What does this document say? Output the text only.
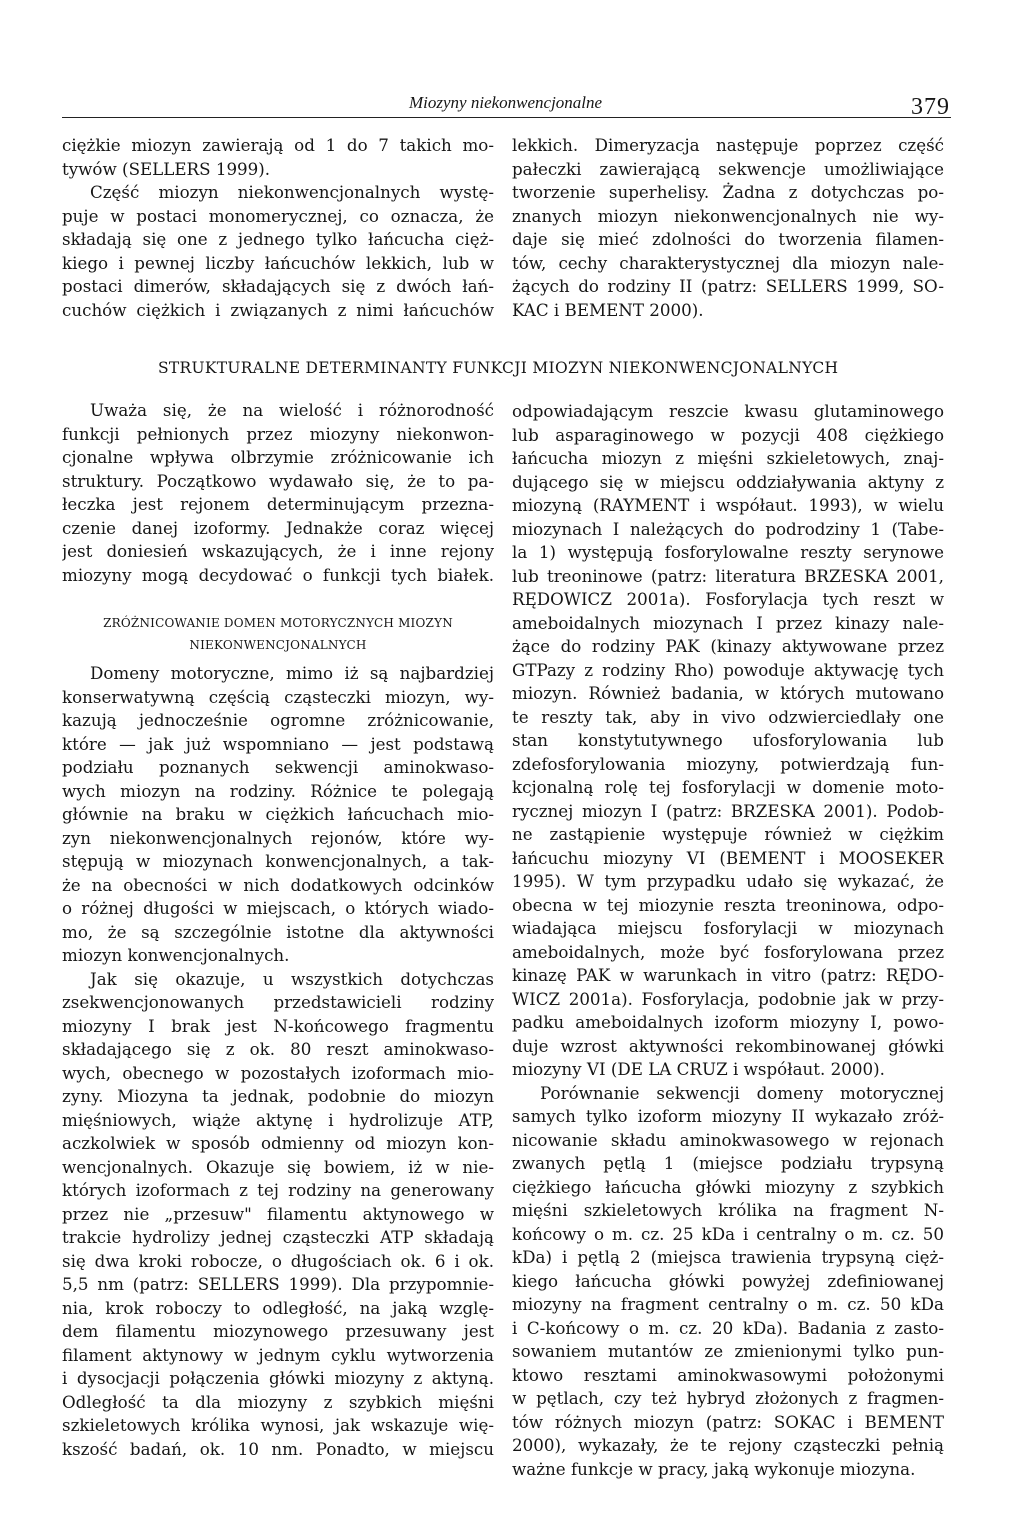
Miozyny niekonwencjonalne	379
ciężkie miozyn zawierają od 1 do 7 takich mo-
tywów (SELLERS 1999).
Część miozyn niekonwencjonalnych wystę-
puje w postaci monomerycznej, co oznacza, że
składają się one z jednego tylko łańcucha cięż-
kiego i pewnej liczby łańcuchów lekkich, lub w
postaci dimerów, składających się z dwóch łań-
cuchów ciężkich i związanych z nimi łańcuchów
lekkich. Dimeryzacja następuje poprzez część
pałeczki zawierającą sekwencje umożliwiające
tworzenie superhelisy. Żadna z dotychczas po-
znanych miozyn niekonwencjonalnych nie wy-
daje się mieć zdolności do tworzenia filamen-
tów, cechy charakterystycznej dla miozyn nale-
żących do rodziny II (patrz: SELLERS 1999, SO-
KAC i BEMENT 2000).
STRUKTURALNE DETERMINANTY FUNKCJI MIOZYN NIEKONWENCJONALNYCH
Uważa się, że na wielość i różnorodność
funkcji pełnionych przez miozyny niekonwon-
cjonalne wpływa olbrzymie zróżnicowanie ich
struktury. Początkowo wydawało się, że to pa-
łeczka jest rejonem determinującym przezna-
czenie danej izoformy. Jednakże coraz więcej
jest doniesień wskazujących, że i inne rejony
miozyny mogą decydować o funkcji tych białek.
ZRÓŻNICOWANIE DOMEN MOTORYCZNYCH MIOZYN
NIEKONWENCJONALNYCH
Domeny motoryczne, mimo iż są najbardziej
konserwatywną częścią cząsteczki miozyn, wy-
kazują jednocześnie ogromne zróżnicowanie,
które — jak już wspomniano — jest podstawą
podziału poznanych sekwencji aminokwaso-
wych miozyn na rodziny. Różnice te polegają
głównie na braku w ciężkich łańcuchach mio-
zyn niekonwencjonalnych rejonów, które wy-
stępują w miozynach konwencjonalnych, a tak-
że na obecności w nich dodatkowych odcinków
o różnej długości w miejscach, o których wiado-
mo, że są szczególnie istotne dla aktywności
miozyn konwencjonalnych.
Jak się okazuje, u wszystkich dotychczas
zsekwencjonowanych przedstawicieli rodziny
miozyny I brak jest N-końcowego fragmentu
składającego się z ok. 80 reszt aminokwaso-
wych, obecnego w pozostałych izoformach mio-
zyny. Miozyna ta jednak, podobnie do miozyn
mięśniowych, wiąże aktynę i hydrolizuje ATP,
aczkolwiek w sposób odmienny od miozyn kon-
wencjonalnych. Okazuje się bowiem, iż w nie-
których izoformach z tej rodziny na generowany
przez nie „przesuw" filamentu aktynowego w
trakcie hydrolizy jednej cząsteczki ATP składają
się dwa kroki robocze, o długościach ok. 6 i ok.
5,5 nm (patrz: SELLERS 1999). Dla przypomnie-
nia, krok roboczy to odległość, na jaką wzglę-
dem filamentu miozynowego przesuwany jest
filament aktynowy w jednym cyklu wytworzenia
i dysocjacji połączenia główki miozyny z aktyną.
Odległość ta dla miozyny z szybkich mięśni
szkieletowych królika wynosi, jak wskazuje wię-
kszość badań, ok. 10 nm. Ponadto, w miejscu
odpowiadającym reszcie kwasu glutaminowego
lub asparaginowego w pozycji 408 ciężkiego
łańcucha miozyn z mięśni szkieletowych, znaj-
dującego się w miejscu oddziaływania aktyny z
miozyną (RAYMENT i współaut. 1993), w wielu
miozynach I należących do podrodziny 1 (Tabe-
la 1) występują fosforylowalne reszty serynowe
lub treoninowe (patrz: literatura BRZESKA 2001,
RĘDOWICZ 2001a). Fosforylacja tych reszt w
ameboidalnych miozynach I przez kinazy nale-
żące do rodziny PAK (kinazy aktywowane przez
GTPazy z rodziny Rho) powoduje aktywację tych
miozyn. Również badania, w których mutowano
te reszty tak, aby in vivo odzwierciedlały one
stan konstytutywnego ufosforylowania lub
zdefosforylowania miozyny, potwierdzają fun-
kcjonalną rolę tej fosforylacji w domenie moto-
rycznej miozyn I (patrz: BRZESKA 2001). Podob-
ne zastąpienie występuje również w ciężkim
łańcuchu miozyny VI (BEMENT i MOOSEKER
1995). W tym przypadku udało się wykazać, że
obecna w tej miozynie reszta treoninowa, odpo-
wiadająca miejscu fosforylacji w miozynach
ameboidalnych, może być fosforylowana przez
kinazę PAK w warunkach in vitro (patrz: RĘDO-
WICZ 2001a). Fosforylacja, podobnie jak w przy-
padku ameboidalnych izoform miozyny I, powo-
duje wzrost aktywności rekombinowanej główki
miozyny VI (DE LA CRUZ i współaut. 2000).
Porównanie sekwencji domeny motorycznej
samych tylko izoform miozyny II wykazało zróż-
nicowanie składu aminokwasowego w rejonach
zwanych pętlą 1 (miejsce podziału trypsyną
ciężkiego łańcucha główki miozyny z szybkich
mięśni szkieletowych królika na fragment N-
końcowy o m. cz. 25 kDa i centralny o m. cz. 50
kDa) i pętlą 2 (miejsca trawienia trypsyną cięż-
kiego łańcucha główki powyżej zdefiniowanej
miozyny na fragment centralny o m. cz. 50 kDa
i C-końcowy o m. cz. 20 kDa). Badania z zasto-
sowaniem mutantów ze zmienionymi tylko pun-
ktowo resztami aminokwasowymi położonymi
w pętlach, czy też hybryd złożonych z fragmen-
tów różnych miozyn (patrz: SOKAC i BEMENT
2000), wykazały, że te rejony cząsteczki pełnią
ważne funkcje w pracy, jaką wykonuje miozyna.
